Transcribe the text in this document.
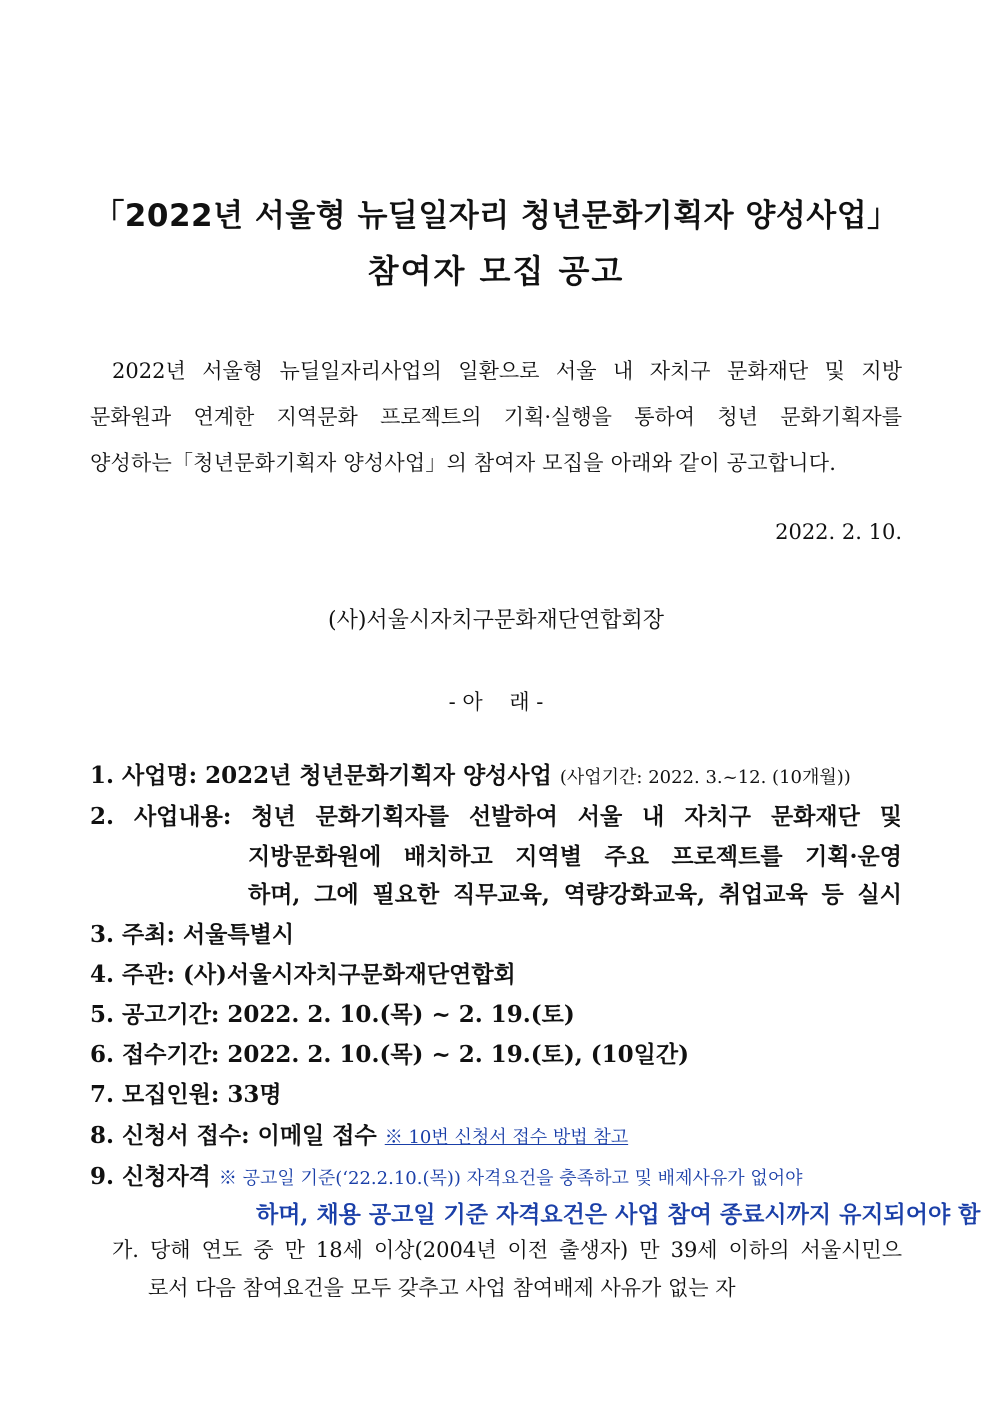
「2022년 서울형 뉴딜일자리 청년문화기획자 양성사업」
참여자 모집 공고
2022년 서울형 뉴딜일자리사업의 일환으로 서울 내 자치구 문화재단 및 지방
문화원과 연계한 지역문화 프로젝트의 기획·실행을 통하여 청년 문화기획자를
양성하는「청년문화기획자 양성사업」의 참여자 모집을 아래와 같이 공고합니다.
2022. 2. 10.
(사)서울시자치구문화재단연합회장
- 아    래 -
1. 사업명: 2022년 청년문화기획자 양성사업 (사업기간: 2022. 3.~12. (10개월))
2. 사업내용: 청년 문화기획자를 선발하여 서울 내 자치구 문화재단 및
지방문화원에 배치하고 지역별 주요 프로젝트를 기획·운영
하며, 그에 필요한 직무교육, 역량강화교육, 취업교육 등 실시
3. 주최: 서울특별시
4. 주관: (사)서울시자치구문화재단연합회
5. 공고기간: 2022. 2. 10.(목) ~ 2. 19.(토)
6. 접수기간: 2022. 2. 10.(목) ~ 2. 19.(토), (10일간)
7. 모집인원: 33명
8. 신청서 접수: 이메일 접수 ※ 10번 신청서 접수 방법 참고
9. 신청자격 ※ 공고일 기준(‘22.2.10.(목)) 자격요건을 충족하고 및 배제사유가 없어야
하며, 채용 공고일 기준 자격요건은 사업 참여 종료시까지 유지되어야 함
가. 당해 연도 중 만 18세 이상(2004년 이전 출생자) 만 39세 이하의 서울시민으
로서 다음 참여요건을 모두 갖추고 사업 참여배제 사유가 없는 자
